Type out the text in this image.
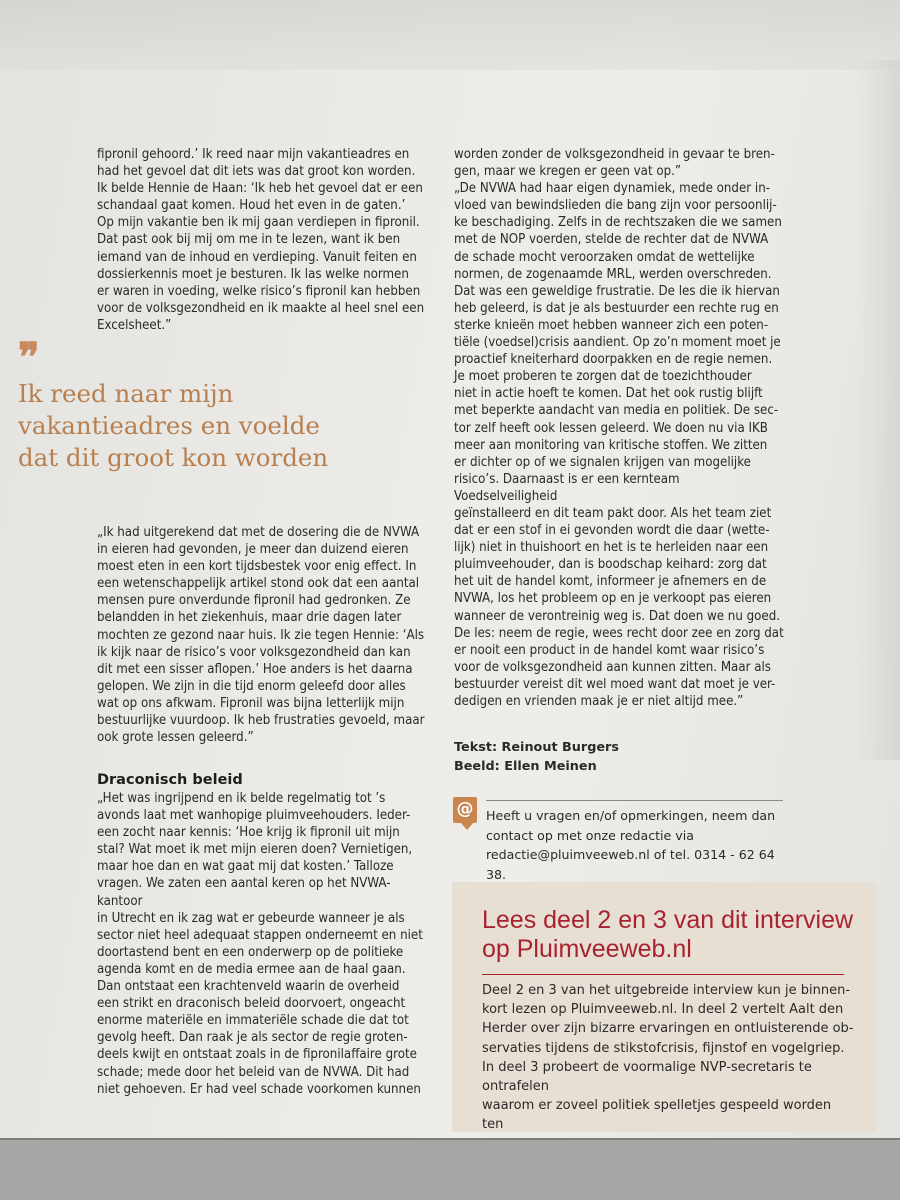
fipronil gehoord.’ Ik reed naar mijn vakantieadres en

had het gevoel dat dit iets was dat groot kon worden.

Ik belde Hennie de Haan: ‘Ik heb het gevoel dat er een

schandaal gaat komen. Houd het even in de gaten.’

Op mijn vakantie ben ik mij gaan verdiepen in fipronil.

Dat past ook bij mij om me in te lezen, want ik ben

iemand van de inhoud en verdieping. Vanuit feiten en

dossierkennis moet je besturen. Ik las welke normen

er waren in voeding, welke risico’s fipronil kan hebben

voor de volksgezondheid en ik maakte al heel snel een

Excelsheet.”

❞
Ik reed naar mijn
vakantieadres en voelde
dat dit groot kon worden

„Ik had uitgerekend dat met de dosering die de NVWA

in eieren had gevonden, je meer dan duizend eieren

moest eten in een kort tijdsbestek voor enig effect. In

een wetenschappelijk artikel stond ook dat een aantal

mensen pure onverdunde fipronil had gedronken. Ze

belandden in het ziekenhuis, maar drie dagen later

mochten ze gezond naar huis. Ik zie tegen Hennie: ‘Als

ik kijk naar de risico’s voor volksgezondheid dan kan

dit met een sisser aflopen.’ Hoe anders is het daarna

gelopen. We zijn in die tijd enorm geleefd door alles

wat op ons afkwam. Fipronil was bijna letterlijk mijn

bestuurlijke vuurdoop. Ik heb frustraties gevoeld, maar

ook grote lessen geleerd.”

Draconisch beleid

„Het was ingrijpend en ik belde regelmatig tot ’s

avonds laat met wanhopige pluimveehouders. Ieder-

een zocht naar kennis: ‘Hoe krijg ik fipronil uit mijn

stal? Wat moet ik met mijn eieren doen? Vernietigen,

maar hoe dan en wat gaat mij dat kosten.’ Talloze

vragen. We zaten een aantal keren op het NVWA-kantoor

in Utrecht en ik zag wat er gebeurde wanneer je als

sector niet heel adequaat stappen onderneemt en niet

doortastend bent en een onderwerp op de politieke

agenda komt en de media ermee aan de haal gaan.

Dan ontstaat een krachtenveld waarin de overheid

een strikt en draconisch beleid doorvoert, ongeacht

enorme materiële en immateriële schade die dat tot

gevolg heeft. Dan raak je als sector de regie groten-

deels kwijt en ontstaat zoals in de fipronilaffaire grote

schade; mede door het beleid van de NVWA. Dit had

niet gehoeven. Er had veel schade voorkomen kunnen

worden zonder de volksgezondheid in gevaar te bren-

gen, maar we kregen er geen vat op.”

„De NVWA had haar eigen dynamiek, mede onder in-

vloed van bewindslieden die bang zijn voor persoonlij-

ke beschadiging. Zelfs in de rechtszaken die we samen

met de NOP voerden, stelde de rechter dat de NVWA

de schade mocht veroorzaken omdat de wettelijke

normen, de zogenaamde MRL, werden overschreden.

Dat was een geweldige frustratie. De les die ik hiervan

heb geleerd, is dat je als bestuurder een rechte rug en

sterke knieën moet hebben wanneer zich een poten-

tiële (voedsel)crisis aandient. Op zo’n moment moet je

proactief kneiterhard doorpakken en de regie nemen.

Je moet proberen te zorgen dat de toezichthouder

niet in actie hoeft te komen. Dat het ook rustig blijft

met beperkte aandacht van media en politiek. De sec-

tor zelf heeft ook lessen geleerd. We doen nu via IKB

meer aan monitoring van kritische stoffen. We zitten

er dichter op of we signalen krijgen van mogelijke

risico’s. Daarnaast is er een kernteam Voedselveiligheid

geïnstalleerd en dit team pakt door. Als het team ziet

dat er een stof in ei gevonden wordt die daar (wette-

lijk) niet in thuishoort en het is te herleiden naar een

pluimveehouder, dan is boodschap keihard: zorg dat

het uit de handel komt, informeer je afnemers en de

NVWA, los het probleem op en je verkoopt pas eieren

wanneer de verontreinig weg is. Dat doen we nu goed.

De les: neem de regie, wees recht door zee en zorg dat

er nooit een product in de handel komt waar risico’s

voor de volksgezondheid aan kunnen zitten. Maar als

bestuurder vereist dit wel moed want dat moet je ver-

dedigen en vrienden maak je er niet altijd mee.”

Tekst: Reinout Burgers
Beeld: Ellen Meinen
@ Heeft u vragen en/of opmerkingen, neem dan
contact op met onze redactie via
redactie@pluimveeweb.nl of tel. 0314 - 62 64 38.
Lees deel 2 en 3 van dit interview
op Pluimveeweb.nl
Deel 2 en 3 van het uitgebreide interview kun je binnen-
kort lezen op Pluimveeweb.nl. In deel 2 vertelt Aalt den
Herder over zijn bizarre ervaringen en ontluisterende ob-
servaties tijdens de stikstofcrisis, fijnstof en vogelgriep.
In deel 3 probeert de voormalige NVP-secretaris te ontrafelen
waarom er zoveel politiek spelletjes gespeeld worden ten
